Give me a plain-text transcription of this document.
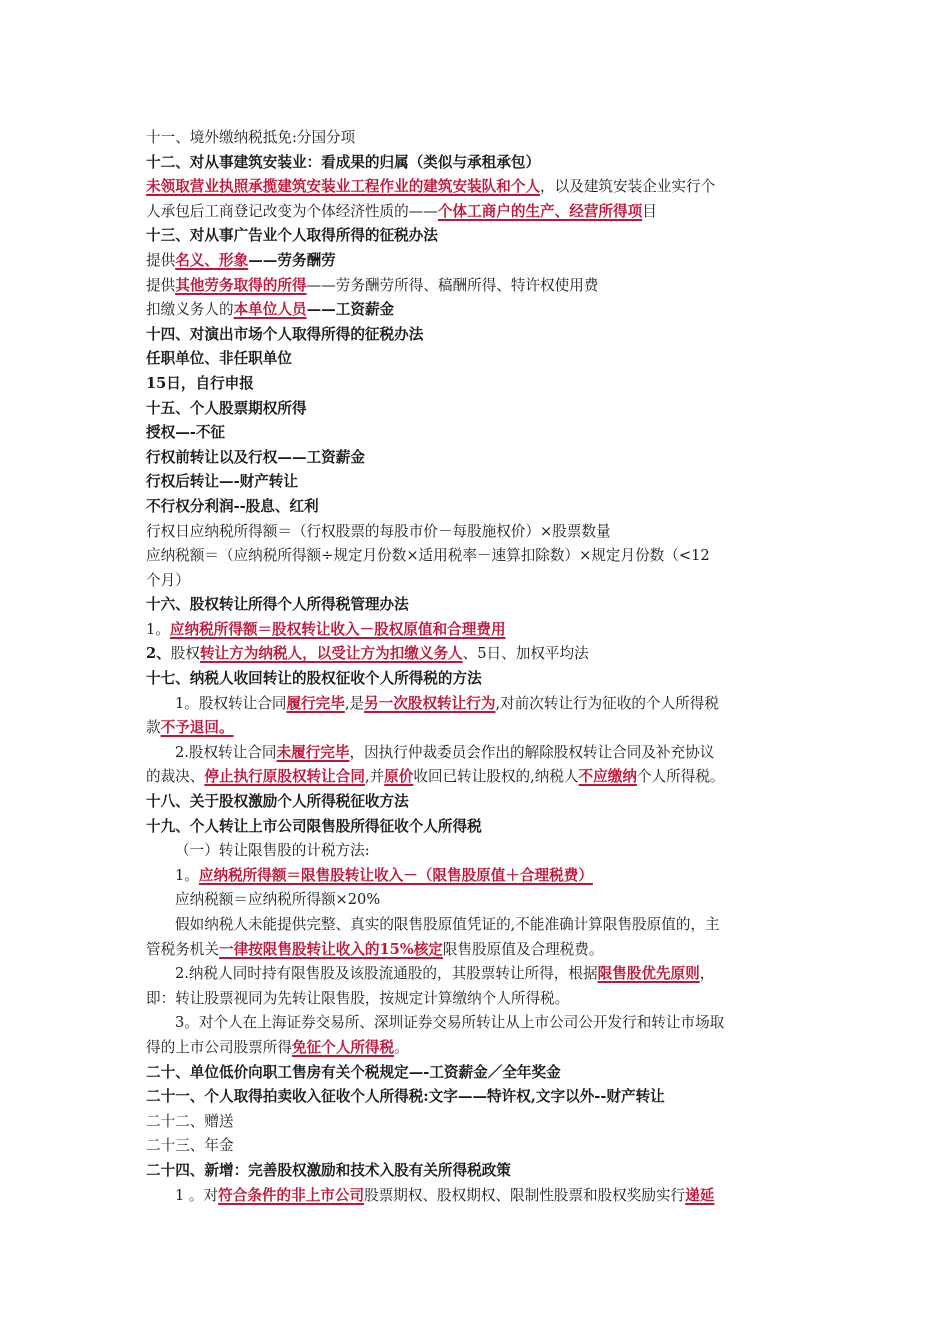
十一、境外缴纳税抵免:分国分项
十二、对从事建筑安装业：看成果的归属（类似与承租承包）
未领取营业执照承揽建筑安装业工程作业的建筑安装队和个人，以及建筑安装企业实行个
人承包后工商登记改变为个体经济性质的——个体工商户的生产、经营所得项目
十三、对从事广告业个人取得所得的征税办法
提供名义、形象——劳务酬劳
提供其他劳务取得的所得——劳务酬劳所得、稿酬所得、特许权使用费
扣缴义务人的本单位人员——工资薪金
十四、对演出市场个人取得所得的征税办法
任职单位、非任职单位
15日，自行申报
十五、个人股票期权所得
授权—-不征
行权前转让以及行权——工资薪金
行权后转让—-财产转让
不行权分利润--股息、红利
行权日应纳税所得额＝（行权股票的每股市价－每股施权价）×股票数量
应纳税额＝（应纳税所得额÷规定月份数×适用税率－速算扣除数）×规定月份数（<12
个月）
十六、股权转让所得个人所得税管理办法
1。应纳税所得额＝股权转让收入－股权原值和合理费用
2、股权转让方为纳税人，以受让方为扣缴义务人、5日、加权平均法
十七、纳税人收回转让的股权征收个人所得税的方法
1。股权转让合同履行完毕,是另一次股权转让行为,对前次转让行为征收的个人所得税
款不予退回。
2.股权转让合同未履行完毕，因执行仲裁委员会作出的解除股权转让合同及补充协议
的裁决、停止执行原股权转让合同,并原价收回已转让股权的,纳税人不应缴纳个人所得税。
十八、关于股权激励个人所得税征收方法
十九、个人转让上市公司限售股所得征收个人所得税
（一）转让限售股的计税方法:
1。应纳税所得额＝限售股转让收入－（限售股原值＋合理税费）
应纳税额＝应纳税所得额×20%
假如纳税人未能提供完整、真实的限售股原值凭证的,不能准确计算限售股原值的，主
管税务机关一律按限售股转让收入的15%核定限售股原值及合理税费。
2.纳税人同时持有限售股及该股流通股的，其股票转让所得，根据限售股优先原则，
即：转让股票视同为先转让限售股，按规定计算缴纳个人所得税。
3。对个人在上海证券交易所、深圳证券交易所转让从上市公司公开发行和转让市场取
得的上市公司股票所得免征个人所得税。
二十、单位低价向职工售房有关个税规定—-工资薪金／全年奖金
二十一、个人取得拍卖收入征收个人所得税:文字——特许权,文字以外--财产转让
二十二、赠送
二十三、年金
二十四、新增：完善股权激励和技术入股有关所得税政策
1 。对符合条件的非上市公司股票期权、股权期权、限制性股票和股权奖励实行递延
